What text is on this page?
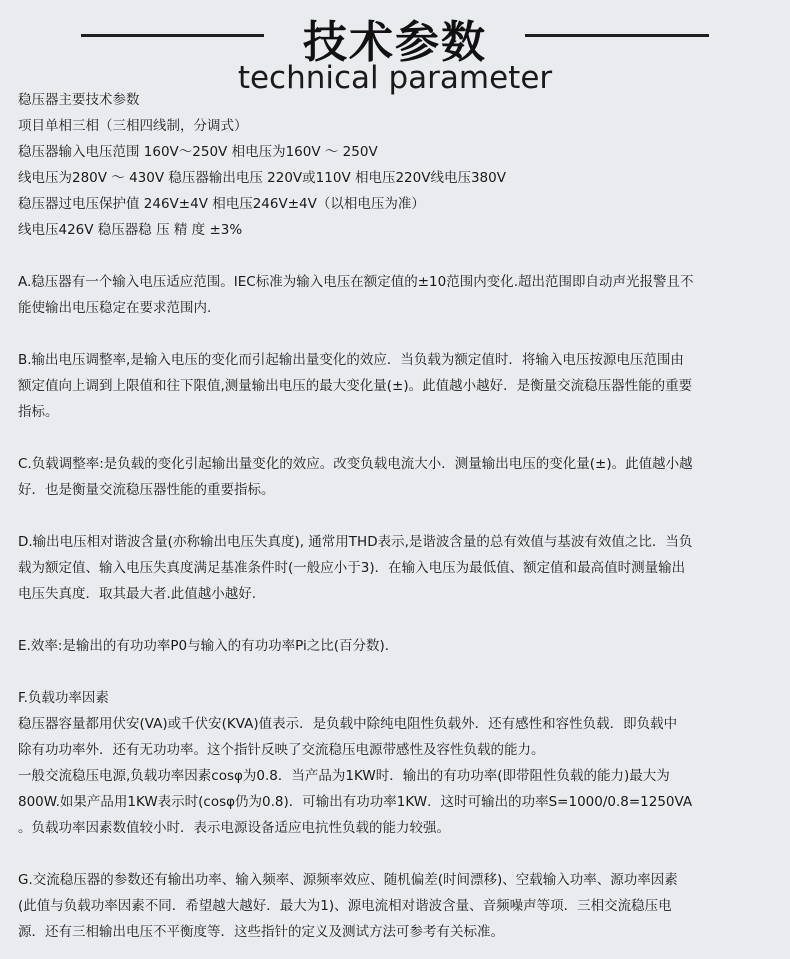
技术参数
technical parameter
稳压器主要技术参数
项目单相三相（三相四线制，分调式）
稳压器输入电压范围 160V～250V 相电压为160V ～ 250V
线电压为280V ～ 430V 稳压器输出电压 220V或110V 相电压220V线电压380V
稳压器过电压保护值 246V±4V 相电压246V±4V（以相电压为准）
线电压426V 稳压器稳 压 精 度 ±3%
A.稳压器有一个输入电压适应范围。IEC标准为输入电压在额定值的±10范围内变化.超出范围即自动声光报警且不
能使输出电压稳定在要求范围内.
B.输出电压调整率,是输入电压的变化而引起输出量变化的效应．当负载为额定值时．将输入电压按源电压范围由
额定值向上调到上限值和往下限值,测量输出电压的最大变化量(±)。此值越小越好．是衡量交流稳压器性能的重要
指标。
C.负载调整率:是负载的变化引起输出量变化的效应。改变负载电流大小．测量输出电压的变化量(±)。此值越小越
好．也是衡量交流稳压器性能的重要指标。
D.输出电压相对谐波含量(亦称输出电压失真度), 通常用THD表示,是谐波含量的总有效值与基波有效值之比．当负
载为额定值、输入电压失真度满足基准条件时(一般应小于3)．在输入电压为最低值、额定值和最高值时测量输出
电压失真度．取其最大者.此值越小越好.
E.效率:是输出的有功功率P0与输入的有功功率Pi之比(百分数)．
F.负载功率因素
稳压器容量都用伏安(VA)或千伏安(KVA)值表示．是负载中除纯电阻性负载外．还有感性和容性负载．即负载中
除有功功率外．还有无功功率。这个指针反映了交流稳压电源带感性及容性负载的能力。
一般交流稳压电源,负载功率因素cosφ为0.8．当产品为1KW时．输出的有功功率(即带阻性负载的能力)最大为
800W.如果产品用1KW表示时(cosφ仍为0.8)．可输出有功功率1KW．这时可输出的功率S=1000/0.8=1250VA
。负载功率因素数值较小时．表示电源设备适应电抗性负载的能力较强。
G.交流稳压器的参数还有输出功率、输入频率、源频率效应、随机偏差(时间漂移)、空载输入功率、源功率因素
(此值与负载功率因素不同．希望越大越好．最大为1)、源电流相对谐波含量、音频噪声等项．三相交流稳压电
源．还有三相输出电压不平衡度等．这些指针的定义及测试方法可参考有关标准。
